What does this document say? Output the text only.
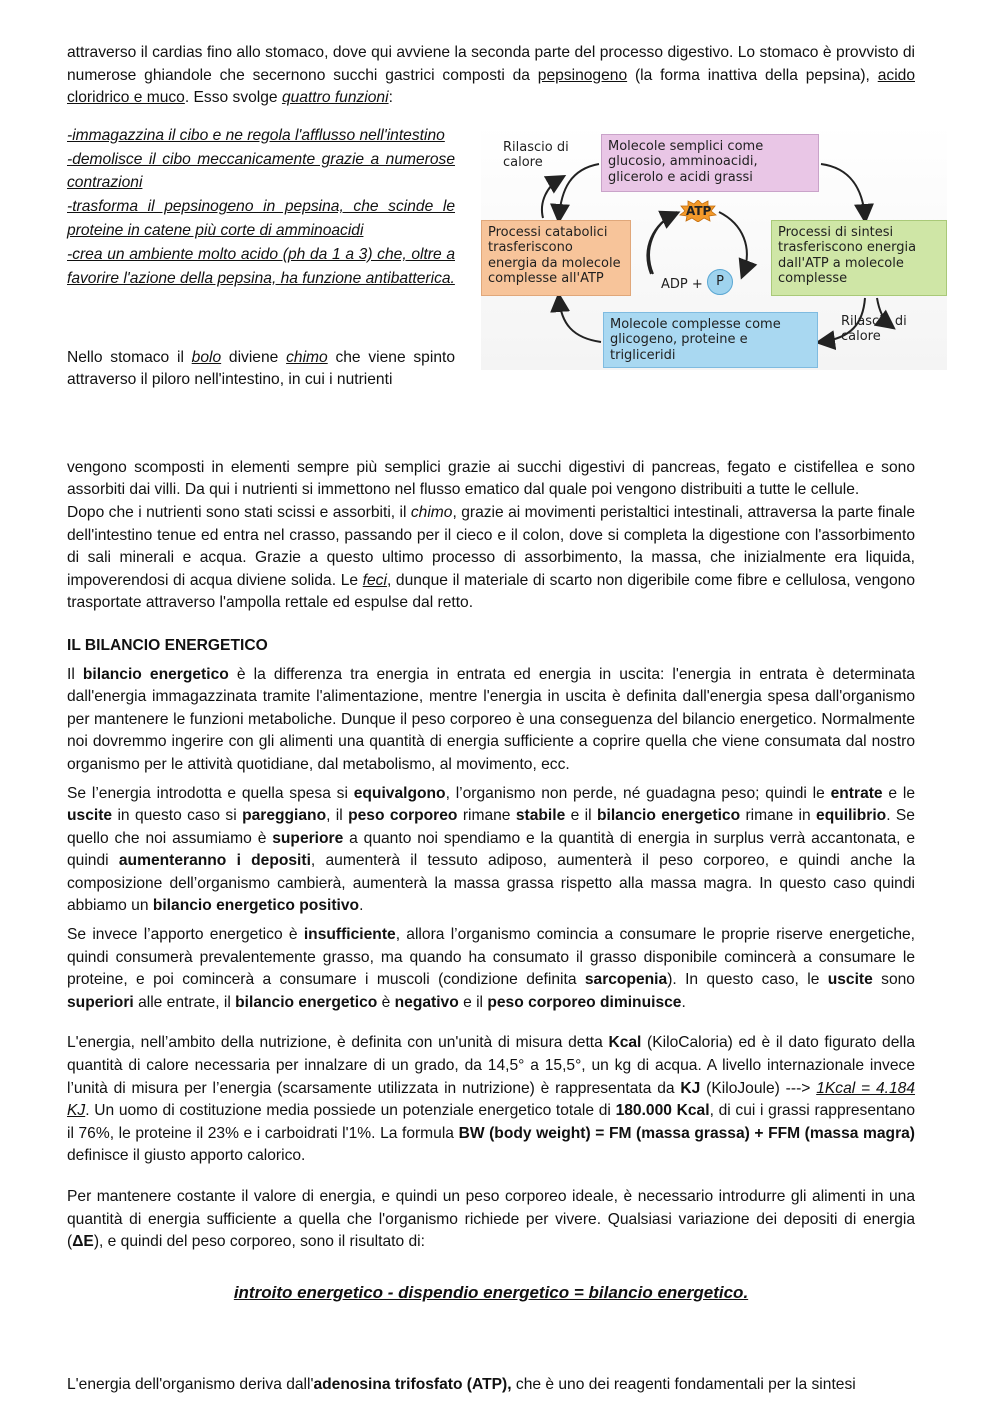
attraverso il cardias fino allo stomaco, dove qui avviene la seconda parte del processo digestivo. Lo stomaco è provvisto di numerose ghiandole che secernono succhi gastrici composti da pepsinogeno (la forma inattiva della pepsina), acido cloridrico e muco. Esso svolge quattro funzioni:

-immagazzina il cibo e ne regola l'afflusso nell'intestino
-demolisce il cibo meccanicamente grazie a numerose contrazioni
-trasforma il pepsinogeno in pepsina, che scinde le proteine in catene più corte di amminoacidi
-crea un ambiente molto acido (ph da 1 a 3) che, oltre a favorire l'azione della pepsina, ha funzione antibatterica.

Nello stomaco il bolo diviene chimo che viene spinto attraverso il piloro nell'intestino, in cui i nutrienti

Molecole semplici come glucosio, amminoacidi, glicerolo e acidi grassi
Processi catabolici trasferiscono energia da molecole complesse all'ATP
Processi di sintesi trasferiscono energia dall'ATP a molecole complesse
Molecole complesse come glicogeno, proteine e trigliceridi
Rilascio di calore
Rilascio di calore
ATP
ADP +	P

vengono scomposti in elementi sempre più semplici grazie ai succhi digestivi di pancreas, fegato e cistifellea e sono assorbiti dai villi. Da qui i nutrienti si immettono nel flusso ematico dal quale poi vengono distribuiti a tutte le cellule.

Dopo che i nutrienti sono stati scissi e assorbiti, il chimo, grazie ai movimenti peristaltici intestinali, attraversa la parte finale dell'intestino tenue ed entra nel crasso, passando per il cieco e il colon, dove si completa la digestione con l'assorbimento di sali minerali e acqua. Grazie a questo ultimo processo di assorbimento, la massa, che inizialmente era liquida, impoverendosi di acqua diviene solida. Le feci, dunque il materiale di scarto non digeribile come fibre e cellulosa, vengono trasportate attraverso l'ampolla rettale ed espulse dal retto.

IL BILANCIO ENERGETICO

Il bilancio energetico è la differenza tra energia in entrata ed energia in uscita: l'energia in entrata è determinata dall'energia immagazzinata tramite l'alimentazione, mentre l'energia in uscita è definita dall'energia spesa dall'organismo per mantenere le funzioni metaboliche. Dunque il peso corporeo è una conseguenza del bilancio energetico. Normalmente noi dovremmo ingerire con gli alimenti una quantità di energia sufficiente a coprire quella che viene consumata dal nostro organismo per le attività quotidiane, dal metabolismo, al movimento, ecc.

Se l’energia introdotta e quella spesa si equivalgono, l’organismo non perde, né guadagna peso; quindi le entrate e le uscite in questo caso si pareggiano, il peso corporeo rimane stabile e il bilancio energetico rimane in equilibrio. Se quello che noi assumiamo è superiore a quanto noi spendiamo e la quantità di energia in surplus verrà accantonata, e quindi aumenteranno i depositi, aumenterà il tessuto adiposo, aumenterà il peso corporeo, e quindi anche la composizione dell’organismo cambierà, aumenterà la massa grassa rispetto alla massa magra. In questo caso quindi abbiamo un bilancio energetico positivo.

Se invece l’apporto energetico è insufficiente, allora l’organismo comincia a consumare le proprie riserve energetiche, quindi consumerà prevalentemente grasso, ma quando ha consumato il grasso disponibile comincerà a consumare le proteine, e poi comincerà a consumare i muscoli (condizione definita sarcopenia). In questo caso, le uscite sono superiori alle entrate, il bilancio energetico è negativo e il peso corporeo diminuisce.

L'energia, nell’ambito della nutrizione, è definita con un'unità di misura detta Kcal (KiloCaloria) ed è il dato figurato della quantità di calore necessaria per innalzare di un grado, da 14,5° a 15,5°, un kg di acqua. A livello internazionale invece l’unità di misura per l’energia (scarsamente utilizzata in nutrizione) è rappresentata da KJ (KiloJoule) ---> 1Kcal = 4.184 KJ. Un uomo di costituzione media possiede un potenziale energetico totale di 180.000 Kcal, di cui i grassi rappresentano il 76%, le proteine il 23% e i carboidrati l'1%. La formula BW (body weight) = FM (massa grassa) + FFM (massa magra) definisce il giusto apporto calorico.

Per mantenere costante il valore di energia, e quindi un peso corporeo ideale, è necessario introdurre gli alimenti in una quantità di energia sufficiente a quella che l'organismo richiede per vivere. Qualsiasi variazione dei depositi di energia (ΔE), e quindi del peso corporeo, sono il risultato di:

introito energetico - dispendio energetico = bilancio energetico.

L'energia dell'organismo deriva dall'adenosina trifosfato (ATP), che è uno dei reagenti fondamentali per la sintesi
